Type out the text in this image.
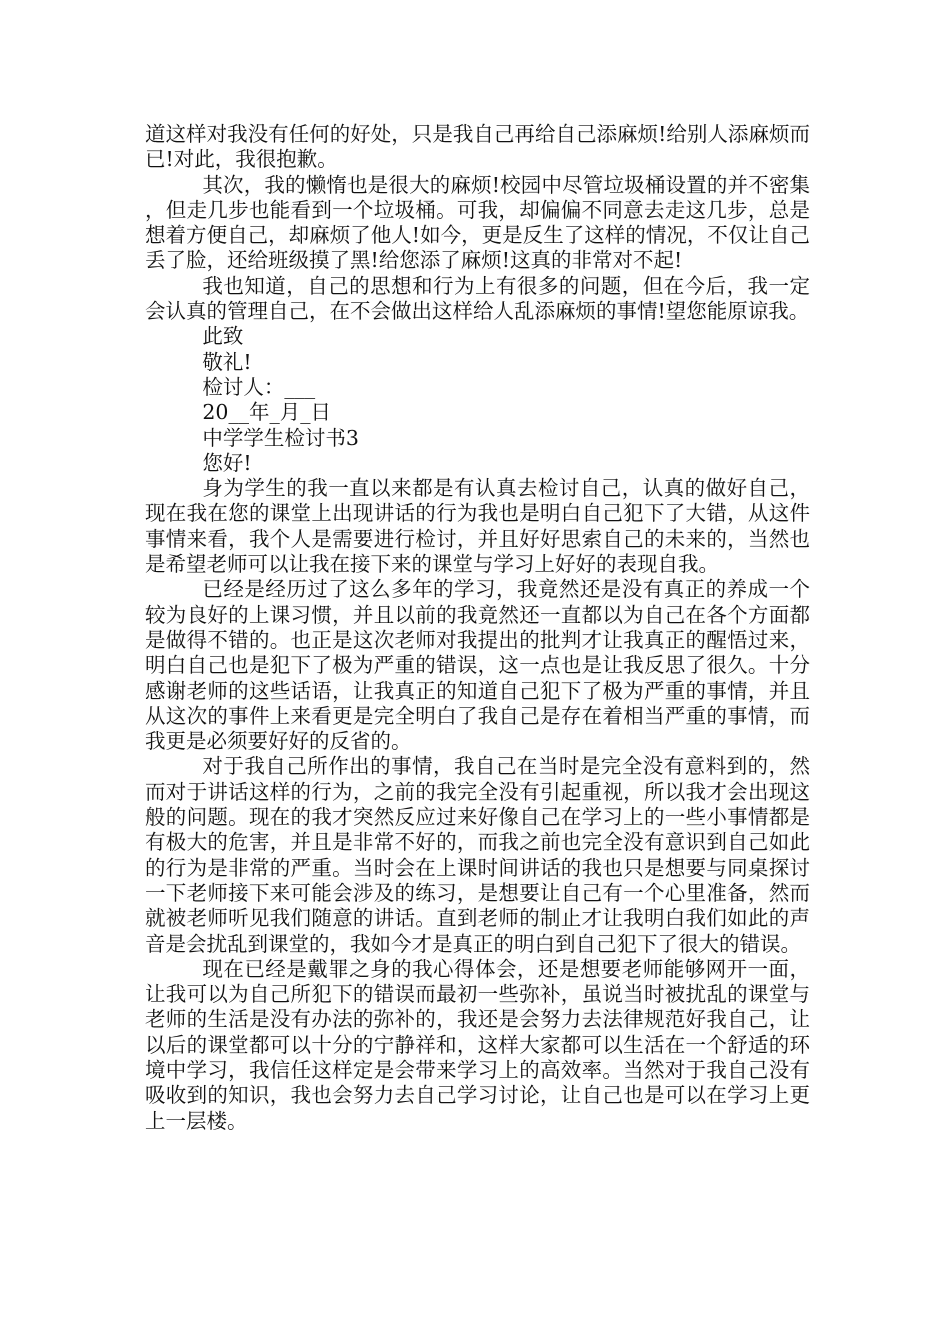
道这样对我没有任何的好处，只是我自己再给自己添麻烦!给别人添麻烦而已!对此，我很抱歉。

其次，我的懒惰也是很大的麻烦!校园中尽管垃圾桶设置的并不密集，但走几步也能看到一个垃圾桶。可我，却偏偏不同意去走这几步，总是想着方便自己，却麻烦了他人!如今，更是反生了这样的情况，不仅让自己丢了脸，还给班级摸了黑!给您添了麻烦!这真的非常对不起!

我也知道，自己的思想和行为上有很多的问题，但在今后，我一定会认真的管理自己，在不会做出这样给人乱添麻烦的事情!望您能原谅我。

此致

敬礼!

检讨人：___

20__年_月_日

中学学生检讨书3

您好!

身为学生的我一直以来都是有认真去检讨自己，认真的做好自己，现在我在您的课堂上出现讲话的行为我也是明白自己犯下了大错，从这件事情来看，我个人是需要进行检讨，并且好好思索自己的未来的，当然也是希望老师可以让我在接下来的课堂与学习上好好的表现自我。

已经是经历过了这么多年的学习，我竟然还是没有真正的养成一个较为良好的上课习惯，并且以前的我竟然还一直都以为自己在各个方面都是做得不错的。也正是这次老师对我提出的批判才让我真正的醒悟过来，明白自己也是犯下了极为严重的错误，这一点也是让我反思了很久。十分感谢老师的这些话语，让我真正的知道自己犯下了极为严重的事情，并且从这次的事件上来看更是完全明白了我自己是存在着相当严重的事情，而我更是必须要好好的反省的。

对于我自己所作出的事情，我自己在当时是完全没有意料到的，然而对于讲话这样的行为，之前的我完全没有引起重视，所以我才会出现这般的问题。现在的我才突然反应过来好像自己在学习上的一些小事情都是有极大的危害，并且是非常不好的，而我之前也完全没有意识到自己如此的行为是非常的严重。当时会在上课时间讲话的我也只是想要与同桌探讨一下老师接下来可能会涉及的练习，是想要让自己有一个心里准备，然而就被老师听见我们随意的讲话。直到老师的制止才让我明白我们如此的声音是会扰乱到课堂的，我如今才是真正的明白到自己犯下了很大的错误。

现在已经是戴罪之身的我心得体会，还是想要老师能够网开一面，让我可以为自己所犯下的错误而最初一些弥补，虽说当时被扰乱的课堂与老师的生活是没有办法的弥补的，我还是会努力去法律规范好我自己，让以后的课堂都可以十分的宁静祥和，这样大家都可以生活在一个舒适的环境中学习，我信任这样定是会带来学习上的高效率。当然对于我自己没有吸收到的知识，我也会努力去自己学习讨论，让自己也是可以在学习上更上一层楼。
